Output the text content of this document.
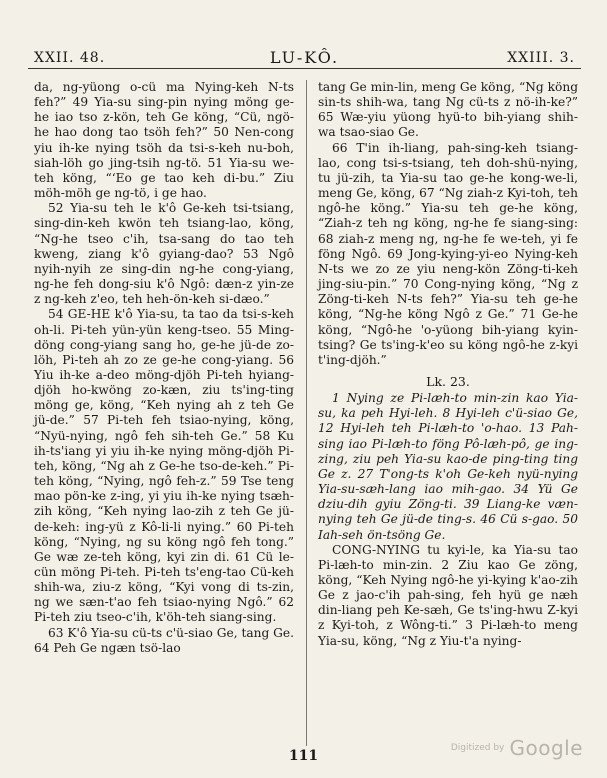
XXII. 48.	LU-KÔ.	XXIII. 3.

da, ng-yüong o-cü ma Nying-keh N-ts feh?” 49 Yia-su sing-pin nying möng ge-he iao tso z-kön, teh Ge köng, “Cü, ngö-he hao dong tao tsöh feh?” 50 Nen-cong yiu ih-ke nying tsöh da tsi-s-keh nu-boh, siah-löh go jing-tsih ng-tö. 51 Yia-su we-teh köng, “‘Eo ge tao keh di-bu.” Ziu möh-möh ge ng-tö, i ge hao.

52 Yia-su teh le k'ô Ge-keh tsi-tsiang, sing-din-keh kwön teh tsiang-lao, köng, “Ng-he tseo c'ih, tsa-sang do tao teh kweng, ziang k'ô gyiang-dao? 53 Ngô nyih-nyih ze sing-din ng-he cong-yiang, ng-he feh dong-siu k'ô Ngô: dæn-z yin-ze z ng-keh z'eo, teh heh-ön-keh si-dæo.”

54 GE-HE k'ô Yia-su, ta tao da tsi-s-keh oh-li. Pi-teh yün-yün keng-tseo. 55 Ming-döng cong-yiang sang ho, ge-he jü-de zo-löh, Pi-teh ah zo ze ge-he cong-yiang. 56 Yiu ih-ke a-deo möng-djöh Pi-teh hyiang-djöh ho-kwöng zo-kæn, ziu ts'ing-ting möng ge, köng, “Keh nying ah z teh Ge jü-de.” 57 Pi-teh feh tsiao-nying, köng, “Nyü-nying, ngô feh sih-teh Ge.” 58 Ku ih-ts'iang yi yiu ih-ke nying möng-djöh Pi-teh, köng, “Ng ah z Ge-he tso-de-keh.” Pi-teh köng, “Nying, ngô feh-z.” 59 Tse teng mao pön-ke z-ing, yi yiu ih-ke nying tsæh-zih köng, “Keh nying lao-zih z teh Ge jü-de-keh: ing-yü z Kô-li-li nying.” 60 Pi-teh köng, “Nying, ng su köng ngô feh tong.” Ge wæ ze-teh köng, kyi zin di. 61 Cü le-cün möng Pi-teh. Pi-teh ts'eng-tao Cü-keh shih-wa, ziu-z köng, “Kyi vong di ts-zin, ng we sæn-t'ao feh tsiao-nying Ngô.” 62 Pi-teh ziu tseo-c'ih, k'öh-teh siang-sing.

63 K'ô Yia-su cü-ts c'ü-siao Ge, tang Ge. 64 Peh Ge ngæn tsö-lao

tang Ge min-lin, meng Ge köng, “Ng köng sin-ts shih-wa, tang Ng cü-ts z nö-ih-ke?” 65 Wæ-yiu yüong hyü-to bih-yiang shih-wa tsao-siao Ge.

66 T'in ih-liang, pah-sing-keh tsiang-lao, cong tsi-s-tsiang, teh doh-shü-nying, tu jü-zih, ta Yia-su tao ge-he kong-we-li, meng Ge, köng, 67 “Ng ziah-z Kyi-toh, teh ngô-he köng.” Yia-su teh ge-he köng, “Ziah-z teh ng köng, ng-he fe siang-sing: 68 ziah-z meng ng, ng-he fe we-teh, yi fe föng Ngô. 69 Jong-kying-yi-eo Nying-keh N-ts we zo ze yiu neng-kön Zöng-ti-keh jing-siu-pin.” 70 Cong-nying köng, “Ng z Zöng-ti-keh N-ts feh?” Yia-su teh ge-he köng, “Ng-he köng Ngô z Ge.” 71 Ge-he köng, “Ngô-he 'o-yüong bih-yiang kyin-tsing? Ge ts'ing-k'eo su köng ngô-he z-kyi t'ing-djöh.”

Lk. 23.

1 Nying ze Pi-læh-to min-zin kao Yia-su, ka peh Hyi-leh. 8 Hyi-leh c'ü-siao Ge, 12 Hyi-leh teh Pi-læh-to 'o-hao. 13 Pah-sing iao Pi-læh-to föng Pô-læh-pô, ge ing-zing, ziu peh Yia-su kao-de ping-ting ting Ge z. 27 T'ong-ts k'oh Ge-keh nyü-nying Yia-su-sæh-lang iao mih-gao. 34 Yü Ge dziu-dih gyiu Zöng-ti. 39 Liang-ke væn-nying teh Ge jü-de ting-s. 46 Cü s-gao. 50 Iah-seh ön-tsöng Ge.

CONG-NYING tu kyi-le, ka Yia-su tao Pi-læh-to min-zin. 2 Ziu kao Ge zöng, köng, “Keh Nying ngô-he yi-kying k'ao-zih Ge z jao-c'ih pah-sing, feh hyü ge næh din-liang peh Ke-sæh, Ge ts'ing-hwu Z-kyi z Kyi-toh, z Wông-ti.” 3 Pi-læh-to meng Yia-su, köng, “Ng z Yiu-t'a nying-

111	Digitized by Google
